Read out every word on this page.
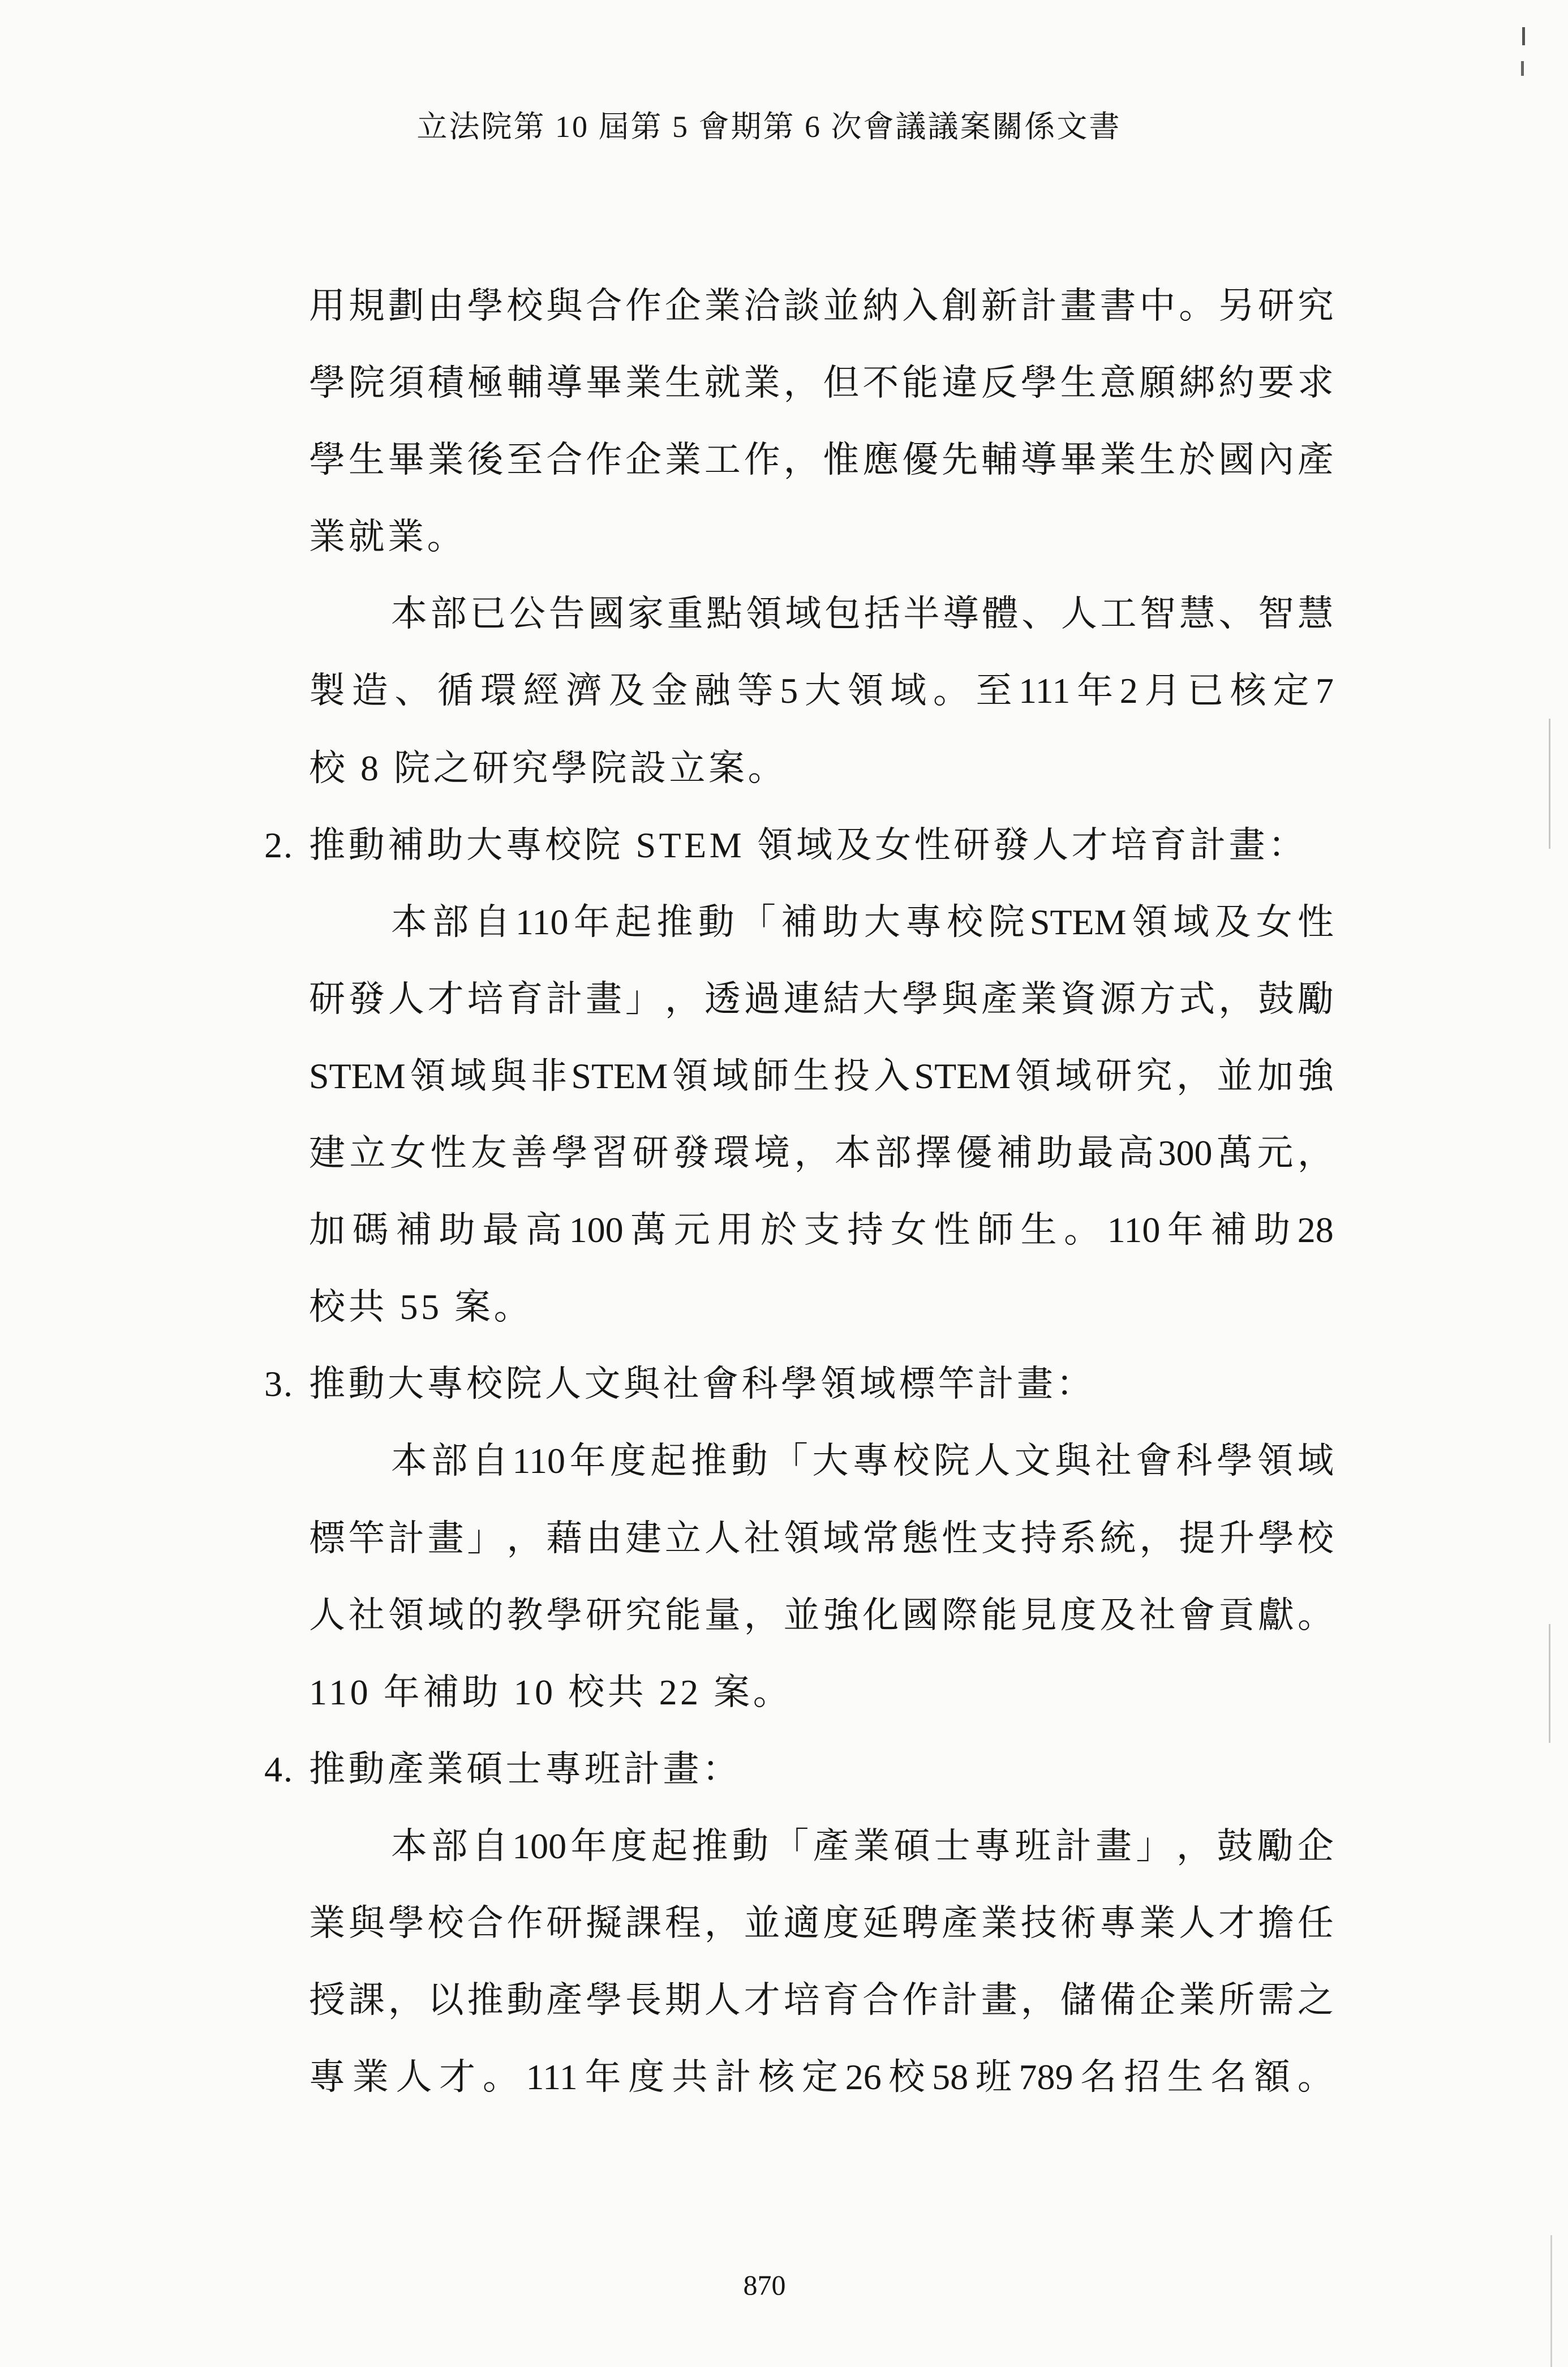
立法院第 10 屆第 5 會期第 6 次會議議案關係文書
用 規 劃 由 學 校 與 合 作 企 業 洽 談 並 納 入 創 新 計 畫 書 中 。 另 研 究
學 院 須 積 極 輔 導 畢 業 生 就 業 ， 但 不 能 違 反 學 生 意 願 綁 約 要 求
學 生 畢 業 後 至 合 作 企 業 工 作 ， 惟 應 優 先 輔 導 畢 業 生 於 國 內 產
業就業。
本 部 已 公 告 國 家 重 點 領 域 包 括 半 導 體 、 人 工 智 慧 、 智 慧
製 造 、 循 環 經 濟 及 金 融 等 5 大 領 域 。 至 111 年 2 月 已 核 定 7
校 8 院之研究學院設立案。
2. 推動補助大專校院 STEM 領域及女性研發人才培育計畫：
本 部 自 110 年 起 推 動 「 補 助 大 專 校 院 STEM 領 域 及 女 性
研 發 人 才 培 育 計 畫 」 ， 透 過 連 結 大 學 與 產 業 資 源 方 式 ， 鼓 勵
STEM 領 域 與 非 STEM 領 域 師 生 投 入 STEM 領 域 研 究 ， 並 加 強
建 立 女 性 友 善 學 習 研 發 環 境 ， 本 部 擇 優 補 助 最 高 300 萬 元 ，
加 碼 補 助 最 高 100 萬 元 用 於 支 持 女 性 師 生 。 110 年 補 助 28
校共 55 案。
3. 推動大專校院人文與社會科學領域標竿計畫：
本 部 自 110 年 度 起 推 動 「 大 專 校 院 人 文 與 社 會 科 學 領 域
標 竿 計 畫 」 ， 藉 由 建 立 人 社 領 域 常 態 性 支 持 系 統 ， 提 升 學 校
人 社 領 域 的 教 學 研 究 能 量 ， 並 強 化 國 際 能 見 度 及 社 會 貢 獻 。
110 年補助 10 校共 22 案。
4. 推動產業碩士專班計畫：
本 部 自 100 年 度 起 推 動 「 產 業 碩 士 專 班 計 畫 」 ， 鼓 勵 企
業 與 學 校 合 作 研 擬 課 程 ， 並 適 度 延 聘 產 業 技 術 專 業 人 才 擔 任
授 課 ， 以 推 動 產 學 長 期 人 才 培 育 合 作 計 畫 ， 儲 備 企 業 所 需 之
專 業 人 才 。 111 年 度 共 計 核 定 26 校 58 班 789 名 招 生 名 額 。
870
